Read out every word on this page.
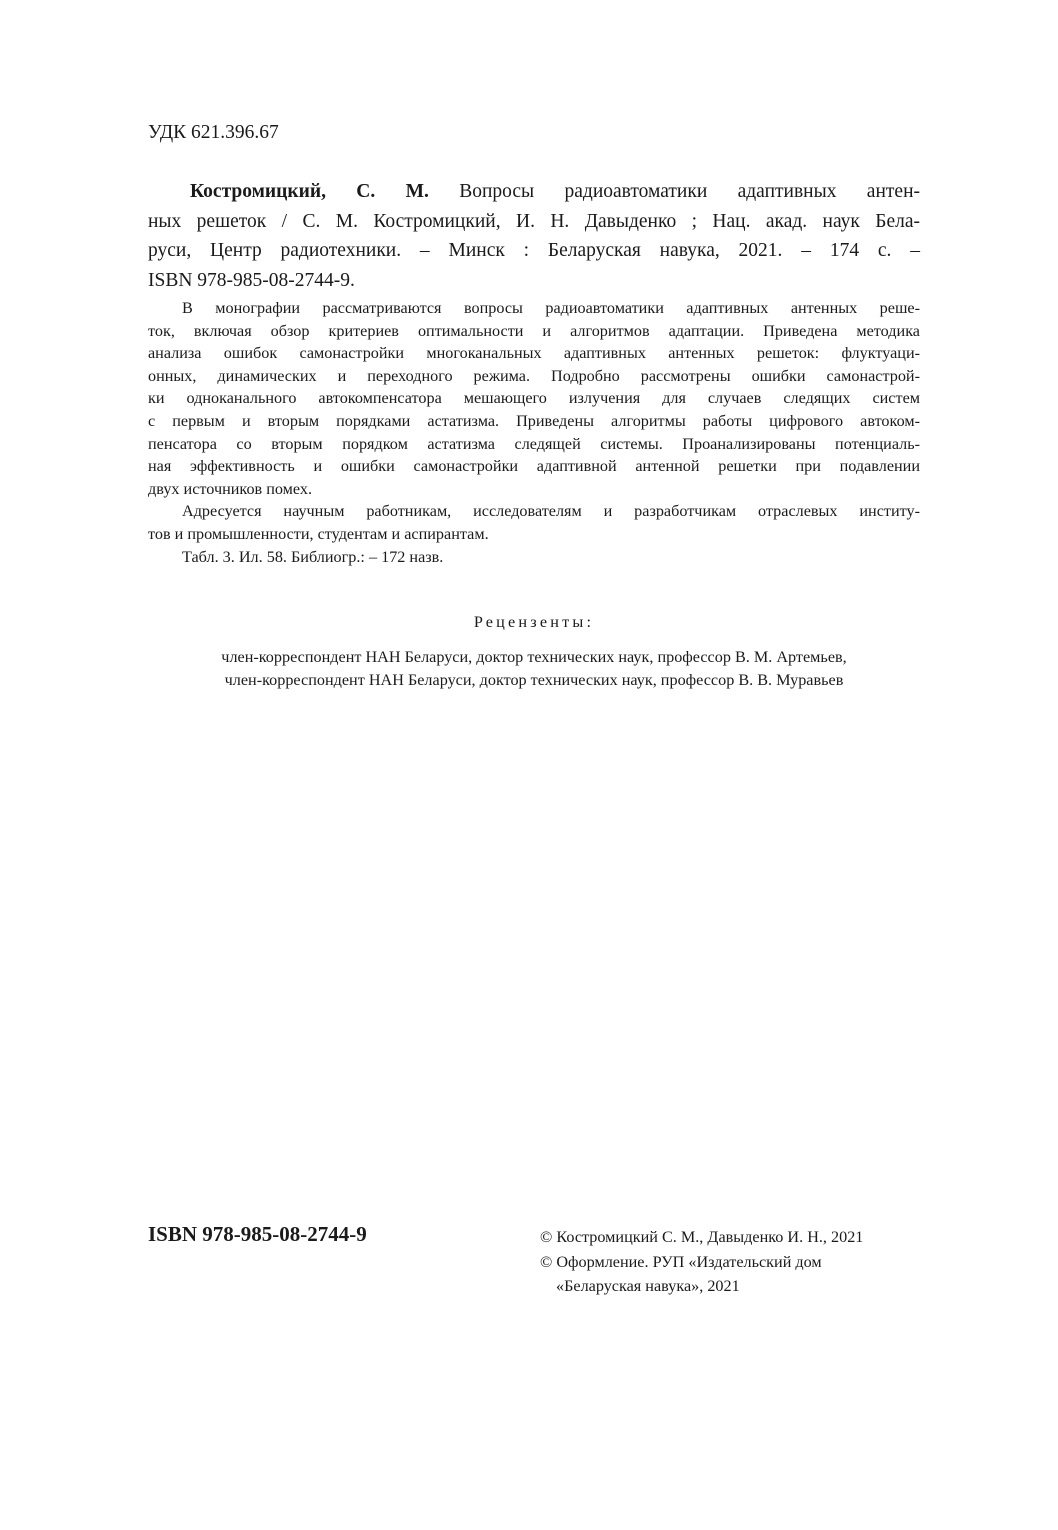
УДК 621.396.67
Костромицкий, С. М. Вопросы радиоавтоматики адаптивных антен-
ных решеток / С. М. Костромицкий, И. Н. Давыденко ; Нац. акад. наук Бела-
руси, Центр радиотехники. – Минск : Беларуская навука, 2021. – 174 с. –
ISBN 978-985-08-2744-9.
В монографии рассматриваются вопросы радиоавтоматики адаптивных антенных реше-
ток, включая обзор критериев оптимальности и алгоритмов адаптации. Приведена методика
анализа ошибок самонастройки многоканальных адаптивных антенных решеток: флуктуаци-
онных, динамических и переходного режима. Подробно рассмотрены ошибки самонастрой-
ки одноканального автокомпенсатора мешающего излучения для случаев следящих систем
с первым и вторым порядками астатизма. Приведены алгоритмы работы цифрового автоком-
пенсатора со вторым порядком астатизма следящей системы. Проанализированы потенциаль-
ная эффективность и ошибки самонастройки адаптивной антенной решетки при подавлении
двух источников помех.
Адресуется научным работникам, исследователям и разработчикам отраслевых институ-
тов и промышленности, студентам и аспирантам.
Табл. 3. Ил. 58. Библиогр.: – 172 назв.
Рецензенты:
член-корреспондент НАН Беларуси, доктор технических наук, профессор В. М. Артемьев,
член-корреспондент НАН Беларуси, доктор технических наук, профессор В. В. Муравьев
ISBN 978-985-08-2744-9	© Костромицкий С. М., Давыденко И. Н., 2021
© Оформление. РУП «Издательский дом
«Беларуская навука», 2021
